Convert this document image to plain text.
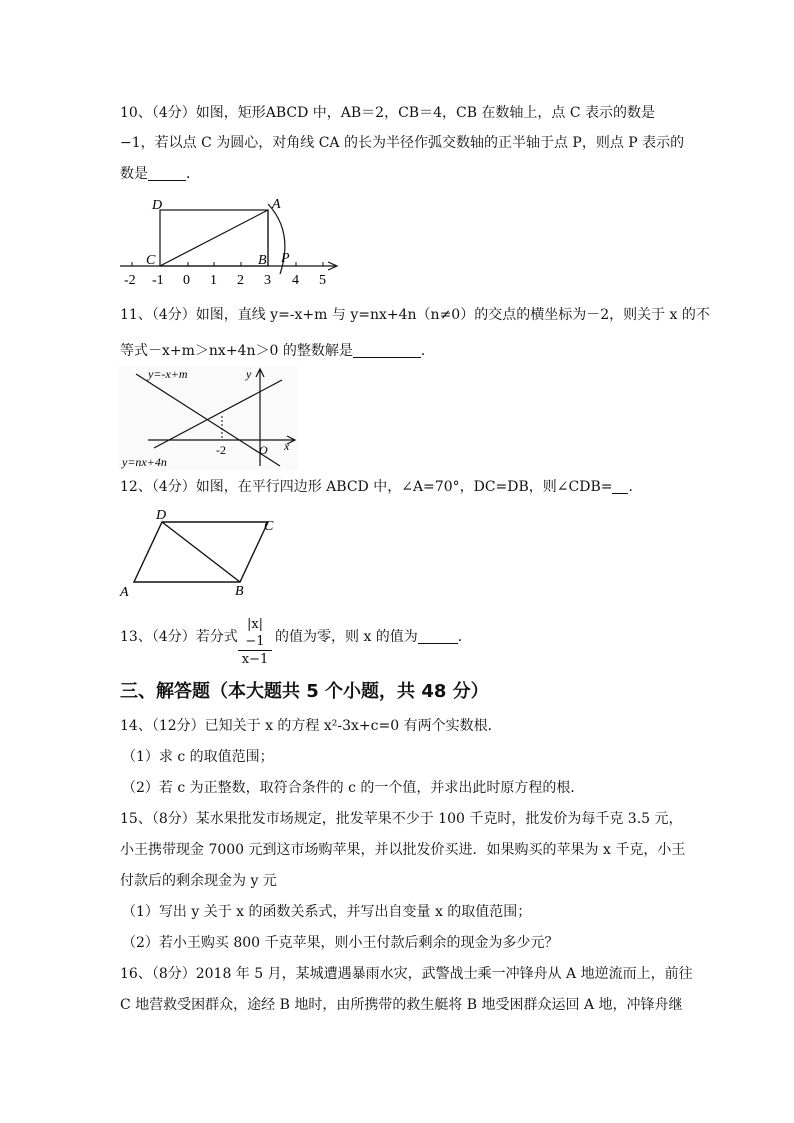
10、（4分）如图，矩形ABCD 中，AB＝2，CB＝4，CB 在数轴上，点 C 表示的数是
−1，若以点 C 为圆心，对角线 CA 的长为半径作弧交数轴的正半轴于点 P，则点 P 表示的
数是	．
D	A
C	B P
-2 -1 0 1 2 3 4 5
11、（4分）如图，直线 y=-x+m 与 y=nx+4n（n≠0）的交点的横坐标为－2，则关于 x 的不
等式－x+m＞nx+4n＞0 的整数解是	．
y=-x+m
y=nx+4n
y
x
O
-2
12、（4分）如图，在平行四边形 ABCD 中，∠A=70°，DC=DB，则∠CDB= ．
D
C
A	B
13、（4分）若分式 $\frac{|x|-1}{x-1}$ 的值为零，则 x 的值为	．
三、解答题（本大题共 5 个小题，共 48 分）
14、（12分）已知关于 x 的方程 x²-3x+c=0 有两个实数根．
（1）求 c 的取值范围；
（2）若 c 为正整数，取符合条件的 c 的一个值，并求出此时原方程的根．
15、（8分）某水果批发市场规定，批发苹果不少于 100 千克时，批发价为每千克 3.5 元，
小王携带现金 7000 元到这市场购苹果，并以批发价买进．如果购买的苹果为 x 千克，小王
付款后的剩余现金为 y 元
（1）写出 y 关于 x 的函数关系式，并写出自变量 x 的取值范围；
（2）若小王购买 800 千克苹果，则小王付款后剩余的现金为多少元？
16、（8分）2018 年 5 月，某城遭遇暴雨水灾，武警战士乘一冲锋舟从 A 地逆流而上，前往
C 地营救受困群众，途经 B 地时，由所携带的救生艇将 B 地受困群众运回 A 地，冲锋舟继
